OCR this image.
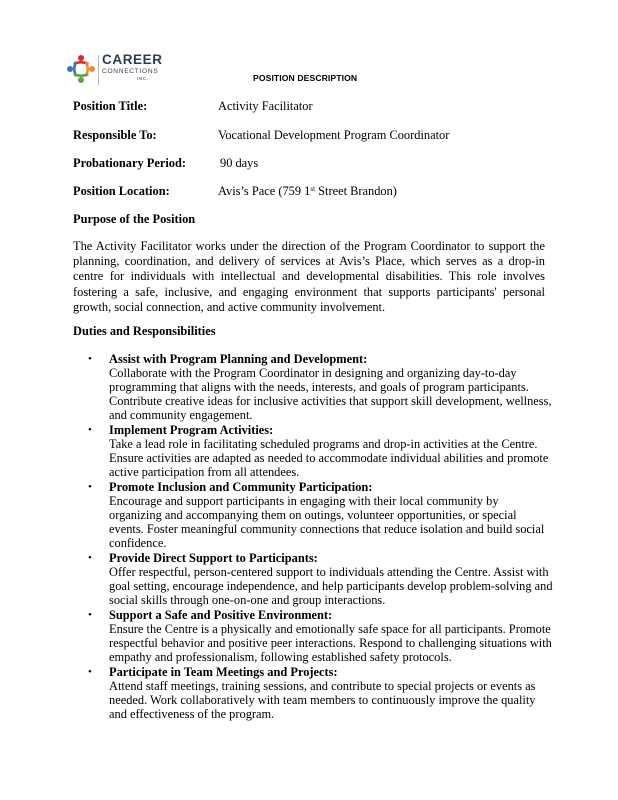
CAREER
CONNECTIONS
INC.	POSITION DESCRIPTION
Position Title:	Activity Facilitator
Responsible To:	Vocational Development Program Coordinator
Probationary Period:	90 days
Position Location:	Avis’s Pace (759 1st Street Brandon)
Purpose of the Position

The Activity Facilitator works under the direction of the Program Coordinator to support the planning, coordination, and delivery of services at Avis’s Place, which serves as a drop-in centre for individuals with intellectual and developmental disabilities. This role involves fostering a safe, inclusive, and engaging environment that supports participants' personal growth, social connection, and active community involvement.

Duties and Responsibilities
• Assist with Program Planning and Development:
Collaborate with the Program Coordinator in designing and organizing day-to-day programming that aligns with the needs, interests, and goals of program participants. Contribute creative ideas for inclusive activities that support skill development, wellness, and community engagement.
• Implement Program Activities:
Take a lead role in facilitating scheduled programs and drop-in activities at the Centre. Ensure activities are adapted as needed to accommodate individual abilities and promote active participation from all attendees.
• Promote Inclusion and Community Participation:
Encourage and support participants in engaging with their local community by organizing and accompanying them on outings, volunteer opportunities, or special events. Foster meaningful community connections that reduce isolation and build social confidence.
• Provide Direct Support to Participants:
Offer respectful, person-centered support to individuals attending the Centre. Assist with goal setting, encourage independence, and help participants develop problem-solving and social skills through one-on-one and group interactions.
• Support a Safe and Positive Environment:
Ensure the Centre is a physically and emotionally safe space for all participants. Promote respectful behavior and positive peer interactions. Respond to challenging situations with empathy and professionalism, following established safety protocols.
• Participate in Team Meetings and Projects:
Attend staff meetings, training sessions, and contribute to special projects or events as needed. Work collaboratively with team members to continuously improve the quality and effectiveness of the program.
